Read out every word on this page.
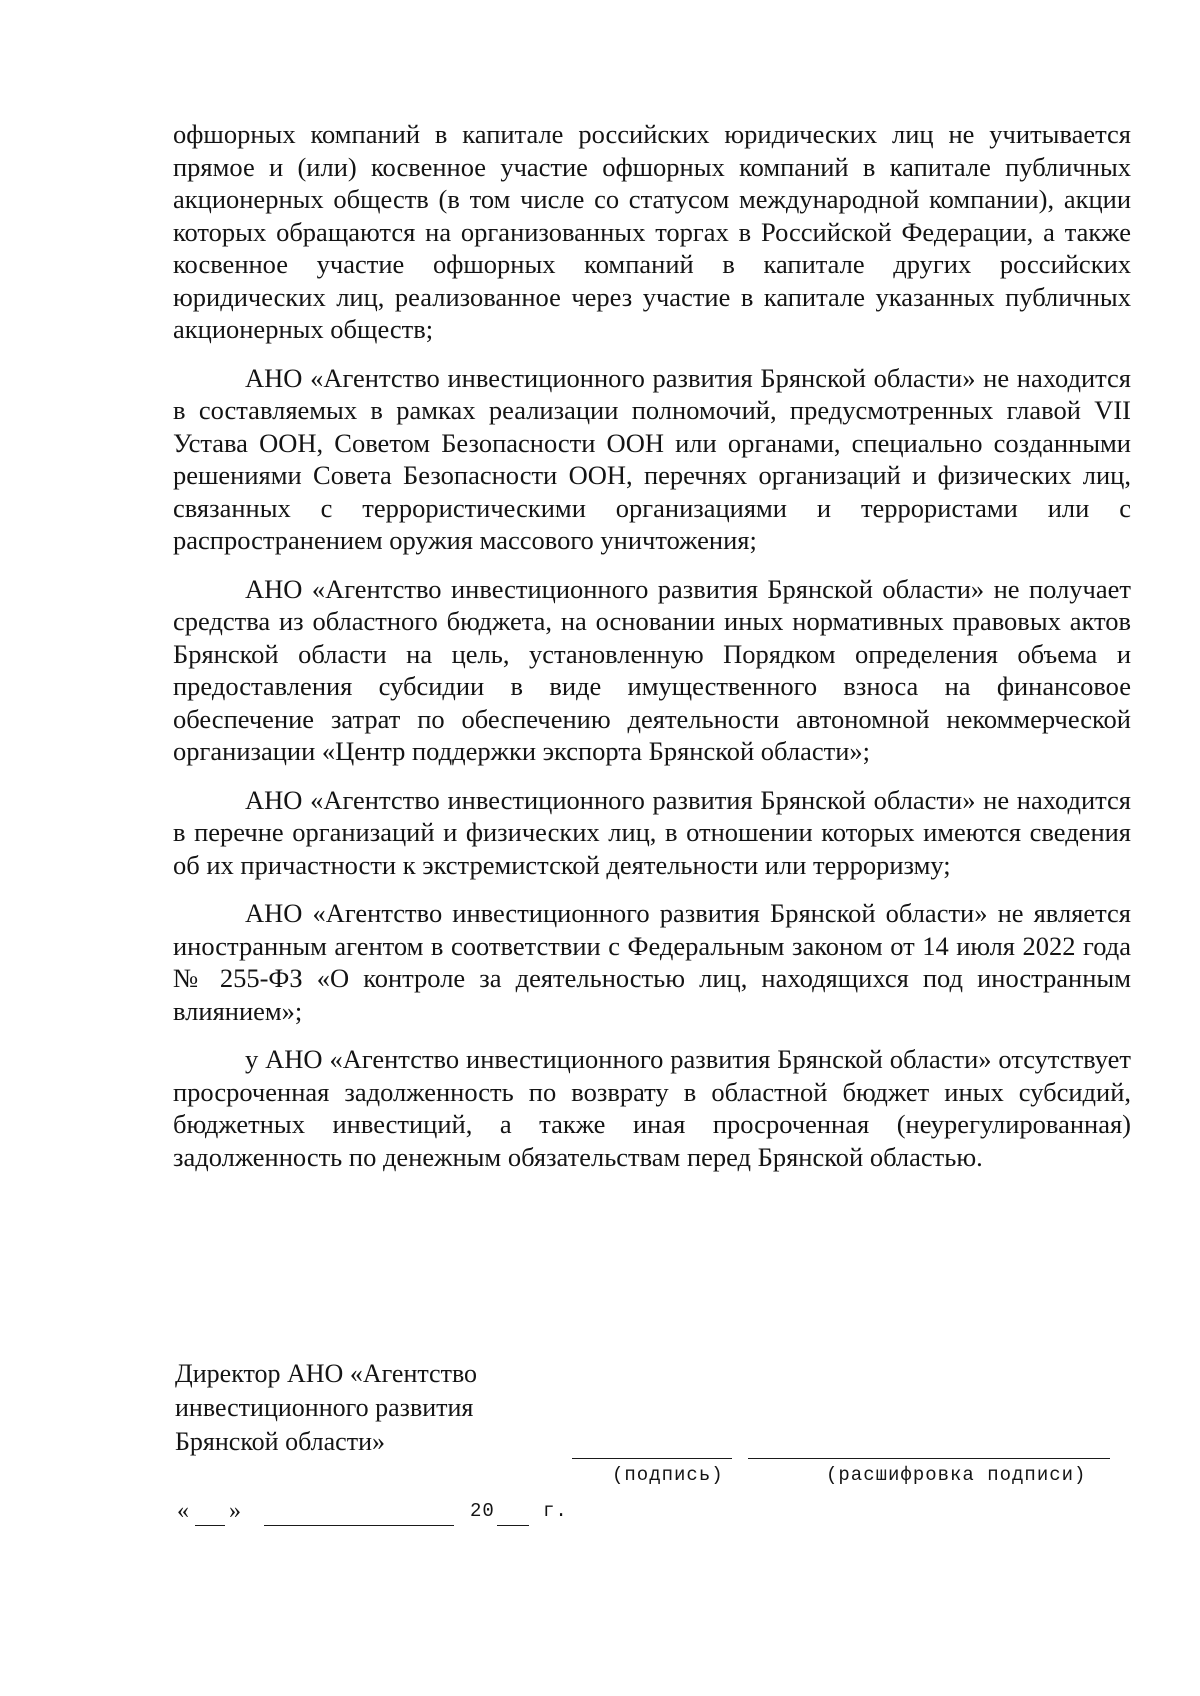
офшорных компаний в капитале российских юридических лиц не учитывается прямое и (или) косвенное участие офшорных компаний в капитале публичных акционерных обществ (в том числе со статусом международной компании), акции которых обращаются на организованных торгах в Российской Федерации, а также косвенное участие офшорных компаний в капитале других российских юридических лиц, реализованное через участие в капитале указанных публичных акционерных обществ;

АНО «Агентство инвестиционного развития Брянской области» не находится в составляемых в рамках реализации полномочий, предусмотренных главой VII Устава ООН, Советом Безопасности ООН или органами, специально созданными решениями Совета Безопасности ООН, перечнях организаций и физических лиц, связанных с террористическими организациями и террористами или с распространением оружия массового уничтожения;

АНО «Агентство инвестиционного развития Брянской области» не получает средства из областного бюджета, на основании иных нормативных правовых актов Брянской области на цель, установленную Порядком определения объема и предоставления субсидии в виде имущественного взноса на финансовое обеспечение затрат по обеспечению деятельности автономной некоммерческой организации «Центр поддержки экспорта Брянской области»;

АНО «Агентство инвестиционного развития Брянской области» не находится в перечне организаций и физических лиц, в отношении которых имеются сведения об их причастности к экстремистской деятельности или терроризму;

АНО «Агентство инвестиционного развития Брянской области» не является иностранным агентом в соответствии с Федеральным законом от 14 июля 2022 года № 255-ФЗ «О контроле за деятельностью лиц, находящихся под иностранным влиянием»;

у АНО «Агентство инвестиционного развития Брянской области» отсутствует просроченная задолженность по возврату в областной бюджет иных субсидий, бюджетных инвестиций, а также иная просроченная (неурегулированная) задолженность по денежным обязательствам перед Брянской областью.

Директор АНО «Агентство
инвестиционного развития
Брянской области»
(подпись)	(расшифровка подписи)
« »	20	г.
